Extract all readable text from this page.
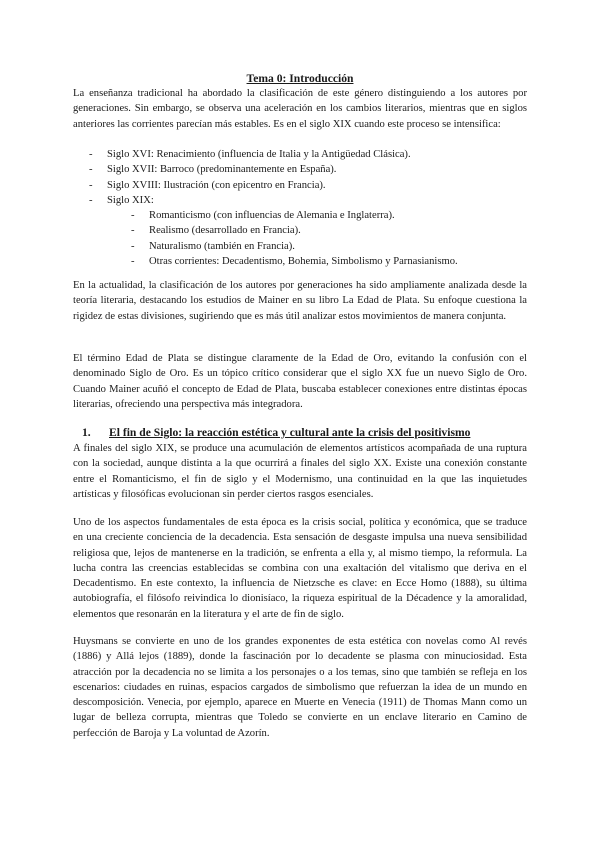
Tema 0: Introducción
La enseñanza tradicional ha abordado la clasificación de este género distinguiendo a los autores por generaciones. Sin embargo, se observa una aceleración en los cambios literarios, mientras que en siglos anteriores las corrientes parecían más estables. Es en el siglo XIX cuando este proceso se intensifica:
- Siglo XVI: Renacimiento (influencia de Italia y la Antigüedad Clásica).
- Siglo XVII: Barroco (predominantemente en España).
- Siglo XVIII: Ilustración (con epicentro en Francia).
- Siglo XIX:
- Romanticismo (con influencias de Alemania e Inglaterra).
- Realismo (desarrollado en Francia).
- Naturalismo (también en Francia).
- Otras corrientes: Decadentismo, Bohemia, Simbolismo y Parnasianismo.
En la actualidad, la clasificación de los autores por generaciones ha sido ampliamente analizada desde la teoría literaria, destacando los estudios de Mainer en su libro La Edad de Plata. Su enfoque cuestiona la rigidez de estas divisiones, sugiriendo que es más útil analizar estos movimientos de manera conjunta.
El término Edad de Plata se distingue claramente de la Edad de Oro, evitando la confusión con el denominado Siglo de Oro. Es un tópico crítico considerar que el siglo XX fue un nuevo Siglo de Oro. Cuando Mainer acuñó el concepto de Edad de Plata, buscaba establecer conexiones entre distintas épocas literarias, ofreciendo una perspectiva más integradora.
1. El fin de Siglo: la reacción estética y cultural ante la crisis del positivismo
A finales del siglo XIX, se produce una acumulación de elementos artísticos acompañada de una ruptura con la sociedad, aunque distinta a la que ocurrirá a finales del siglo XX. Existe una conexión constante entre el Romanticismo, el fin de siglo y el Modernismo, una continuidad en la que las inquietudes artísticas y filosóficas evolucionan sin perder ciertos rasgos esenciales.
Uno de los aspectos fundamentales de esta época es la crisis social, política y económica, que se traduce en una creciente conciencia de la decadencia. Esta sensación de desgaste impulsa una nueva sensibilidad religiosa que, lejos de mantenerse en la tradición, se enfrenta a ella y, al mismo tiempo, la reformula. La lucha contra las creencias establecidas se combina con una exaltación del vitalismo que deriva en el Decadentismo. En este contexto, la influencia de Nietzsche es clave: en Ecce Homo (1888), su última autobiografía, el filósofo reivindica lo dionisíaco, la riqueza espiritual de la Décadence y la amoralidad, elementos que resonarán en la literatura y el arte de fin de siglo.
Huysmans se convierte en uno de los grandes exponentes de esta estética con novelas como Al revés (1886) y Allá lejos (1889), donde la fascinación por lo decadente se plasma con minuciosidad. Esta atracción por la decadencia no se limita a los personajes o a los temas, sino que también se refleja en los escenarios: ciudades en ruinas, espacios cargados de simbolismo que refuerzan la idea de un mundo en descomposición. Venecia, por ejemplo, aparece en Muerte en Venecia (1911) de Thomas Mann como un lugar de belleza corrupta, mientras que Toledo se convierte en un enclave literario en Camino de perfección de Baroja y La voluntad de Azorín.
